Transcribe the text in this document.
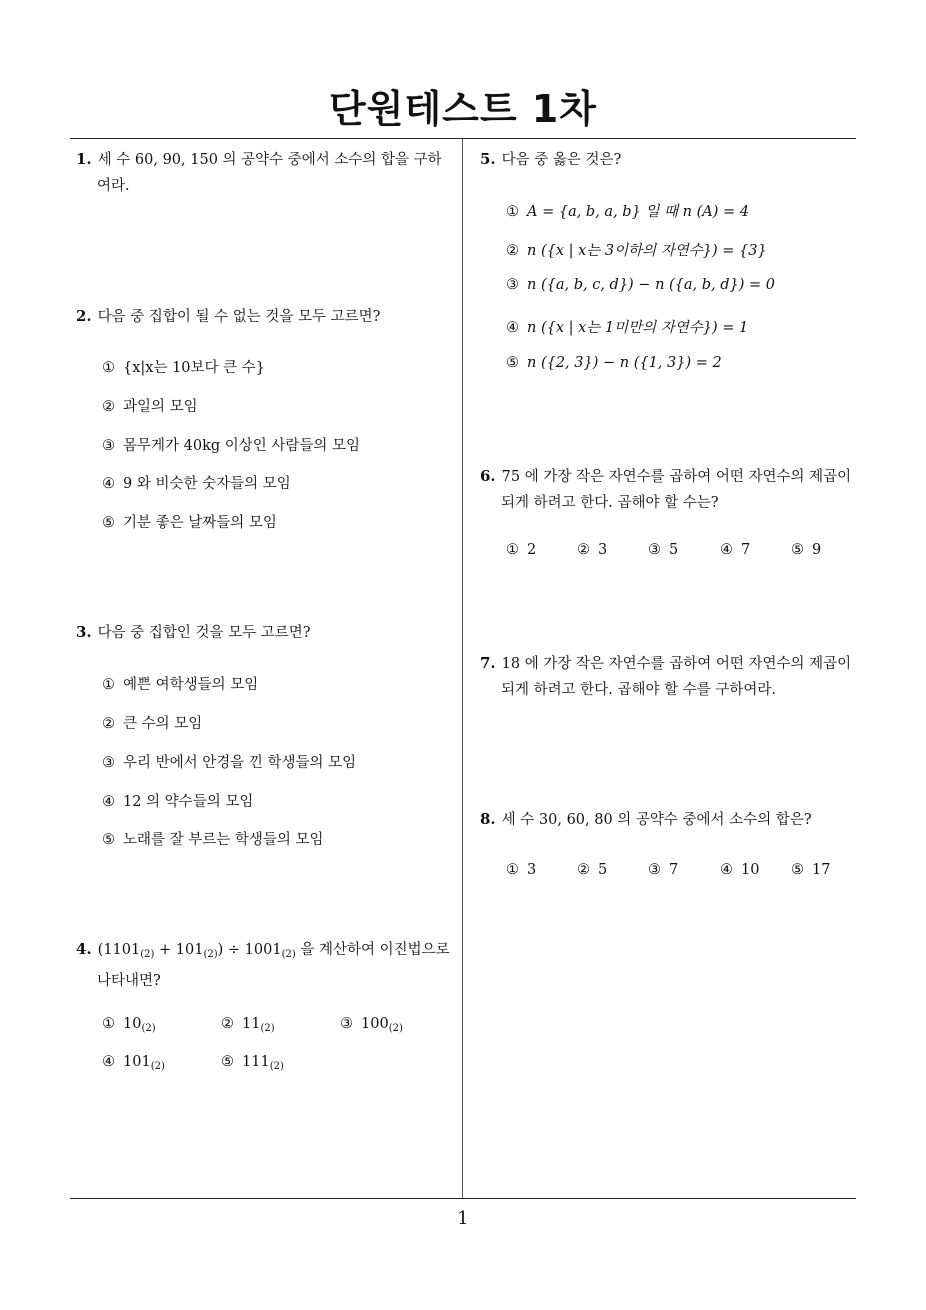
단원테스트 1차
1
1. 세 수 60, 90, 150 의 공약수 중에서 소수의 합을 구하
여라.
2. 다음 중 집합이 될 수 없는 것을 모두 고르면?
① {x|x는 10보다 큰 수}
② 과일의 모임
③ 몸무게가 40kg 이상인 사람들의 모임
④ 9 와 비슷한 숫자들의 모임
⑤ 기분 좋은 날짜들의 모임
3. 다음 중 집합인 것을 모두 고르면?
① 예쁜 여학생들의 모임
② 큰 수의 모임
③ 우리 반에서 안경을 낀 학생들의 모임
④ 12 의 약수들의 모임
⑤ 노래를 잘 부르는 학생들의 모임
4. $(1101_{(2)} + 101_{(2)}) \div 1001_{(2)}$ 을 계산하여 이진법으로
나타내면?
① $10_{(2)}$	② $11_{(2)}$	③ $100_{(2)}$
④ $101_{(2)}$	⑤ $111_{(2)}$
5. 다음 중 옳은 것은?
① A = {a, b, a, b} 일 때 n (A) = 4
② n ({x | x는 3이하의 자연수}) = {3}
③ n ({a, b, c, d}) − n ({a, b, d}) = 0
④ n ({x | x는 1미만의 자연수}) = 1
⑤ n ({2, 3}) − n ({1, 3}) = 2
6. 75 에 가장 작은 자연수를 곱하여 어떤 자연수의 제곱이
되게 하려고 한다. 곱해야 할 수는?
① 2	② 3	③ 5	④ 7	⑤ 9
7. 18 에 가장 작은 자연수를 곱하여 어떤 자연수의 제곱이
되게 하려고 한다. 곱해야 할 수를 구하여라.
8. 세 수 30, 60, 80 의 공약수 중에서 소수의 합은?
① 3	② 5	③ 7	④ 10 ⑤ 17
